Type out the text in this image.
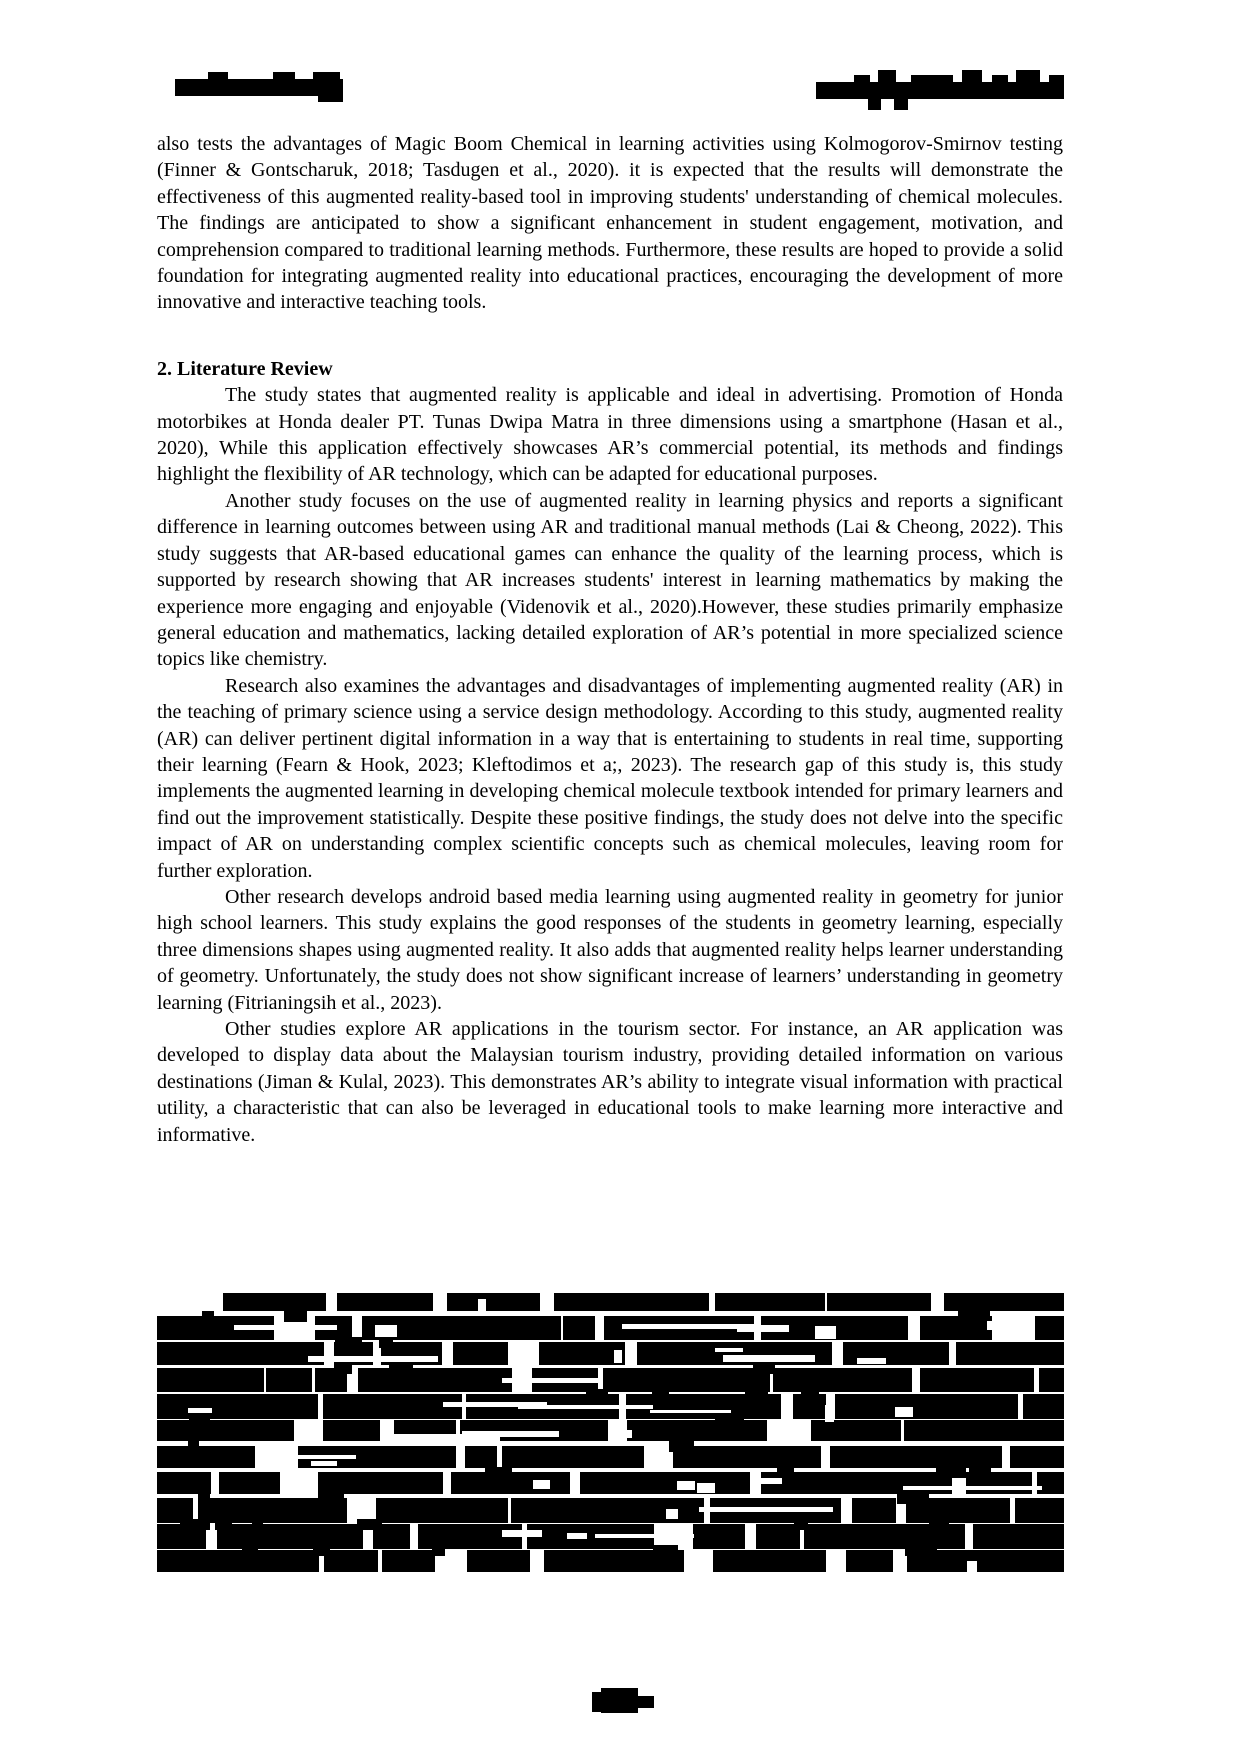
also tests the advantages of Magic Boom Chemical in learning activities using Kolmogorov-Smirnov testing (Finner & Gontscharuk, 2018; Tasdugen et al., 2020). it is expected that the results will demonstrate the effectiveness of this augmented reality-based tool in improving students' understanding of chemical molecules. The findings are anticipated to show a significant enhancement in student engagement, motivation, and comprehension compared to traditional learning methods. Furthermore, these results are hoped to provide a solid foundation for integrating augmented reality into educational practices, encouraging the development of more innovative and interactive teaching tools.

2. Literature Review

The study states that augmented reality is applicable and ideal in advertising. Promotion of Honda motorbikes at Honda dealer PT. Tunas Dwipa Matra in three dimensions using a smartphone (Hasan et al., 2020), While this application effectively showcases AR’s commercial potential, its methods and findings highlight the flexibility of AR technology, which can be adapted for educational purposes.

Another study focuses on the use of augmented reality in learning physics and reports a significant difference in learning outcomes between using AR and traditional manual methods (Lai & Cheong, 2022). This study suggests that AR-based educational games can enhance the quality of the learning process, which is supported by research showing that AR increases students' interest in learning mathematics by making the experience more engaging and enjoyable (Videnovik et al., 2020).However, these studies primarily emphasize general education and mathematics, lacking detailed exploration of AR’s potential in more specialized science topics like chemistry.

Research also examines the advantages and disadvantages of implementing augmented reality (AR) in the teaching of primary science using a service design methodology. According to this study, augmented reality (AR) can deliver pertinent digital information in a way that is entertaining to students in real time, supporting their learning (Fearn & Hook, 2023; Kleftodimos et a;, 2023). The research gap of this study is, this study implements the augmented learning in developing chemical molecule textbook intended for primary learners and find out the improvement statistically. Despite these positive findings, the study does not delve into the specific impact of AR on understanding complex scientific concepts such as chemical molecules, leaving room for further exploration.

Other research develops android based media learning using augmented reality in geometry for junior high school learners. This study explains the good responses of the students in geometry learning, especially three dimensions shapes using augmented reality. It also adds that augmented reality helps learner understanding of geometry. Unfortunately, the study does not show significant increase of learners’ understanding in geometry learning (Fitrianingsih et al., 2023).

Other studies explore AR applications in the tourism sector. For instance, an AR application was developed to display data about the Malaysian tourism industry, providing detailed information on various destinations (Jiman & Kulal, 2023). This demonstrates AR’s ability to integrate visual information with practical utility, a characteristic that can also be leveraged in educational tools to make learning more interactive and informative.
